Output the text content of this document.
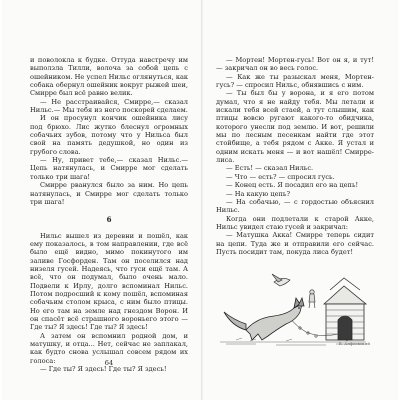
и поволокла к будке. Оттуда навстречу им выползла Тилли, волоча за собой цепь с ошейником. Не успел Нильс оглянуться, как собака обернул ошейник вокруг рыжей шеи, Смирре был всё равно велик.

— Не расстраивайся, Смирре,— сказал Нильс.— Мы тебя из него поскорей сделаем.

И он просунул кончик ошейника лису под брюхо. Лис жутко блеснул огромных собачьих зубов, потому что у Нильса был свой на память дедушкой, но один из грубого слова.

— Ну, привет тебе,— сказал Нильс.— Цепь натянулась, и Смирре мог сделать только три шага!

Смирре рванулся было за ним. Но цепь натянулась, и Смирре мог сделать только три шага!

6

Нильс вышел из деревни и пошёл, как ему показалось, в том направлении, где всё было ещё видно, мимо покинутого им заливе Госфорден. Там он поселился над низеля гусей. Надеясь, что гуси ещё там. А всё, что он подумал, было очень мало. Подвели к Ирлу, долго вспоминал Нильс. Потом подросший к кому пошёл, вспоминая собачьим столом крыса, с ним было птицы. Но его там на земле над гнездом Ворон. И он спасёт всё страшного вороньего этого — Где ты? Я здесь! Где ты? Я здесь!

А затем он вспомнил родной дом, и матушку, и отца... Нет, сейчас не заплакал, как будто снова услышал совсем рядом их голоса:

— Где ты? Я здесь! Где ты? Я здесь!

64

— Мортен! Мортен-гусь! Вот он я, и тут! — закричал он во весь голос.

— Как же ты разыскал меня, Мортен-гусь? — спросил Нильс, обнявшись с ним.

— Ты был бы у ворона, и я его потом думал, что я не найду тебя. Мы летали и искали тебя всей стаей, а тут слышим, как птицы вовсю ругают какого-то обидчика, которого унесли под землю. И вот, решили мы по лесным песенкам найти где этот стойбище, а тебя рядом с Акке. Я устал и одним искать меня — и вот нашёл! Смирре-лиса.

— Есть! — сказал Нильс.

— Что — есть? — спросил гусь.

— Конец есть. Я посадил его на цепь!

— На какую цепь?

— На собачью, — с гордостью объяснил Нильс.

Когда они подлетали к старой Акке, Нильс увидел стаю гусей и закричал:

— Матушка Акка! Смирре теперь сидит на цепи. Туда же и отправили его сейчас. Пусть посидит там, покуда лиса будет!

В. Алфеевский
